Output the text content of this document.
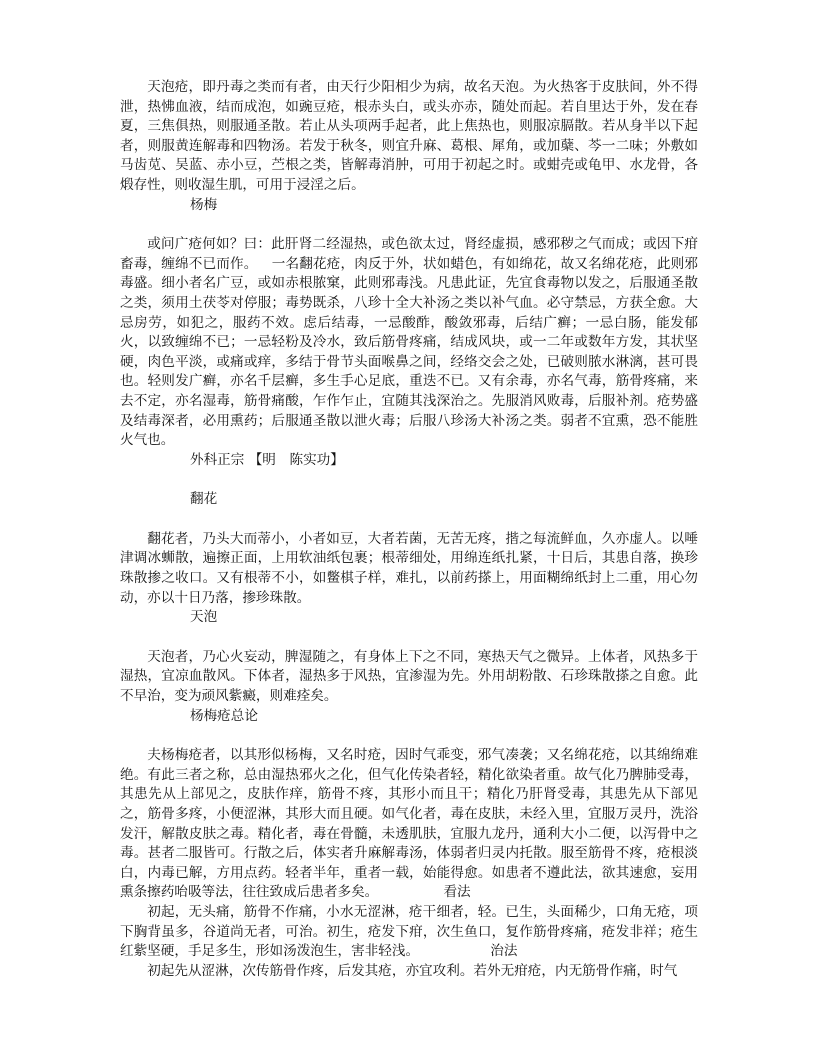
天泡疮，即丹毒之类而有者，由天行少阳相少为病，故名天泡。为火热客于皮肤间，外不得泄，热怫血液，结而成泡，如豌豆疮，根赤头白，或头亦赤，随处而起。若自里达于外，发在春夏，三焦俱热，则服通圣散。若止从头项两手起者，此上焦热也，则服凉膈散。若从身半以下起者，则服黄连解毒和四物汤。若发于秋冬，则宜升麻、葛根、犀角，或加蘖、芩一二味；外敷如马齿苋、吴蓝、赤小豆，苎根之类，皆解毒消肿，可用于初起之时。或蚶壳或龟甲、水龙骨，各煅存性，则收湿生肌，可用于浸淫之后。

杨梅

或问广疮何如？曰：此肝肾二经湿热，或色欲太过，肾经虚损，感邪秽之气而成；或因下疳畜毒，缠绵不已而作。 一名翻花疮，肉反于外，状如蜡色，有如绵花，故又名绵花疮，此则邪毒盛。细小者名广豆，或如赤根脓窠，此则邪毒浅。凡患此证，先宜食毒物以发之，后服通圣散之类，须用土茯苓对停服；毒势既杀，八珍十全大补汤之类以补气血。必守禁忌，方获全愈。大忌房劳，如犯之，服药不效。虑后结毒，一忌酸酢，酸敛邪毒，后结广癣；一忌白肠，能发郁火，以致缠绵不已；一忌轻粉及冷水，致后筋骨疼痛，结成风块，或一二年或数年方发，其状坚硬，肉色平淡，或痛或痒，多结于骨节头面喉鼻之间，经络交会之处，已破则脓水淋漓，甚可畏也。轻则发广癣，亦名千层癣，多生手心足底，重迭不已。又有余毒，亦名气毒，筋骨疼痛，来去不定，亦名湿毒，筋骨痛酸，乍作乍止，宜随其浅深治之。先服消风败毒，后服补剂。疮势盛及结毒深者，必用熏药；后服通圣散以泄火毒；后服八珍汤大补汤之类。弱者不宜熏，恐不能胜火气也。

外科正宗 【明　陈实功】

翻花

翻花者，乃头大而蒂小，小者如豆，大者若菌，无苦无疼，揩之每流鲜血，久亦虚人。以唾津调冰蛳散，遍擦正面，上用软油纸包裹；根蒂细处，用绵连纸扎紧，十日后，其患自落，换珍珠散掺之收口。又有根蒂不小，如鳖棋子样，难扎，以前药搽上，用面糊绵纸封上二重，用心勿动，亦以十日乃落，掺珍珠散。

天泡

天泡者，乃心火妄动，脾湿随之，有身体上下之不同，寒热天气之微异。上体者，风热多于湿热，宜凉血散风。下体者，湿热多于风热，宜渗湿为先。外用胡粉散、石珍珠散搽之自愈。此不早治，变为顽风紫癜，则难痊矣。

杨梅疮总论

夫杨梅疮者，以其形似杨梅，又名时疮，因时气乖变，邪气凑袭；又名绵花疮，以其绵绵难绝。有此三者之称，总由湿热邪火之化，但气化传染者轻，精化欲染者重。故气化乃脾肺受毒，其患先从上部见之，皮肤作痒，筋骨不疼，其形小而且干；精化乃肝肾受毒，其患先从下部见之，筋骨多疼，小便涩淋，其形大而且硬。如气化者，毒在皮肤，未经入里，宜服万灵丹，洗浴发汗，解散皮肤之毒。精化者，毒在骨髓，未透肌肤，宜服九龙丹，通利大小二便，以泻骨中之毒。甚者二服皆可。行散之后，体实者升麻解毒汤，体弱者归灵内托散。服至筋骨不疼，疮根淡白，内毒已解，方用点药。轻者半年，重者一载，始能得愈。如患者不遵此法，欲其速愈，妄用熏条擦药咍吸等法，往往致成后患者多矣。	看法

初起，无头痛，筋骨不作痛，小水无涩淋，疮干细者，轻。已生，头面稀少，口角无疮，项下胸背虽多，谷道尚无者，可治。初生，疮发下疳，次生鱼口，复作筋骨疼痛，疮发非祥；疮生红紫坚硬，手足多生，形如汤泼泡生，害非轻浅。	治法

初起先从涩淋，次传筋骨作疼，后发其疮，亦宜攻利。若外无疳疮，内无筋骨作痛，时气
